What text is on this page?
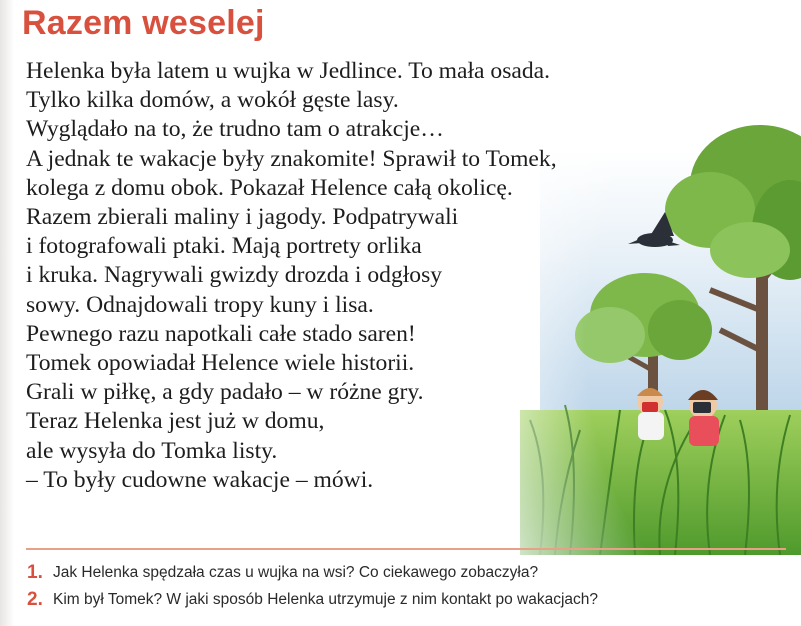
Razem weselej
Helenka była latem u wujka w Jedlince. To mała osada.
Tylko kilka domów, a wokół gęste lasy.
Wyglądało na to, że trudno tam o atrakcje…
A jednak te wakacje były znakomite! Sprawił to Tomek,
kolega z domu obok. Pokazał Helence całą okolicę.
Razem zbierali maliny i jagody. Podpatrywali
i fotografowali ptaki. Mają portrety orlika
i kruka. Nagrywali gwizdy drozda i odgłosy
sowy. Odnajdowali tropy kuny i lisa.
Pewnego razu napotkali całe stado saren!
Tomek opowiadał Helence wiele historii.
Grali w piłkę, a gdy padało – w różne gry.
Teraz Helenka jest już w domu,
ale wysyła do Tomka listy.
– To były cudowne wakacje – mówi.
1. Jak Helenka spędzała czas u wujka na wsi? Co ciekawego zobaczyła?
2. Kim był Tomek? W jaki sposób Helenka utrzymuje z nim kontakt po wakacjach?
